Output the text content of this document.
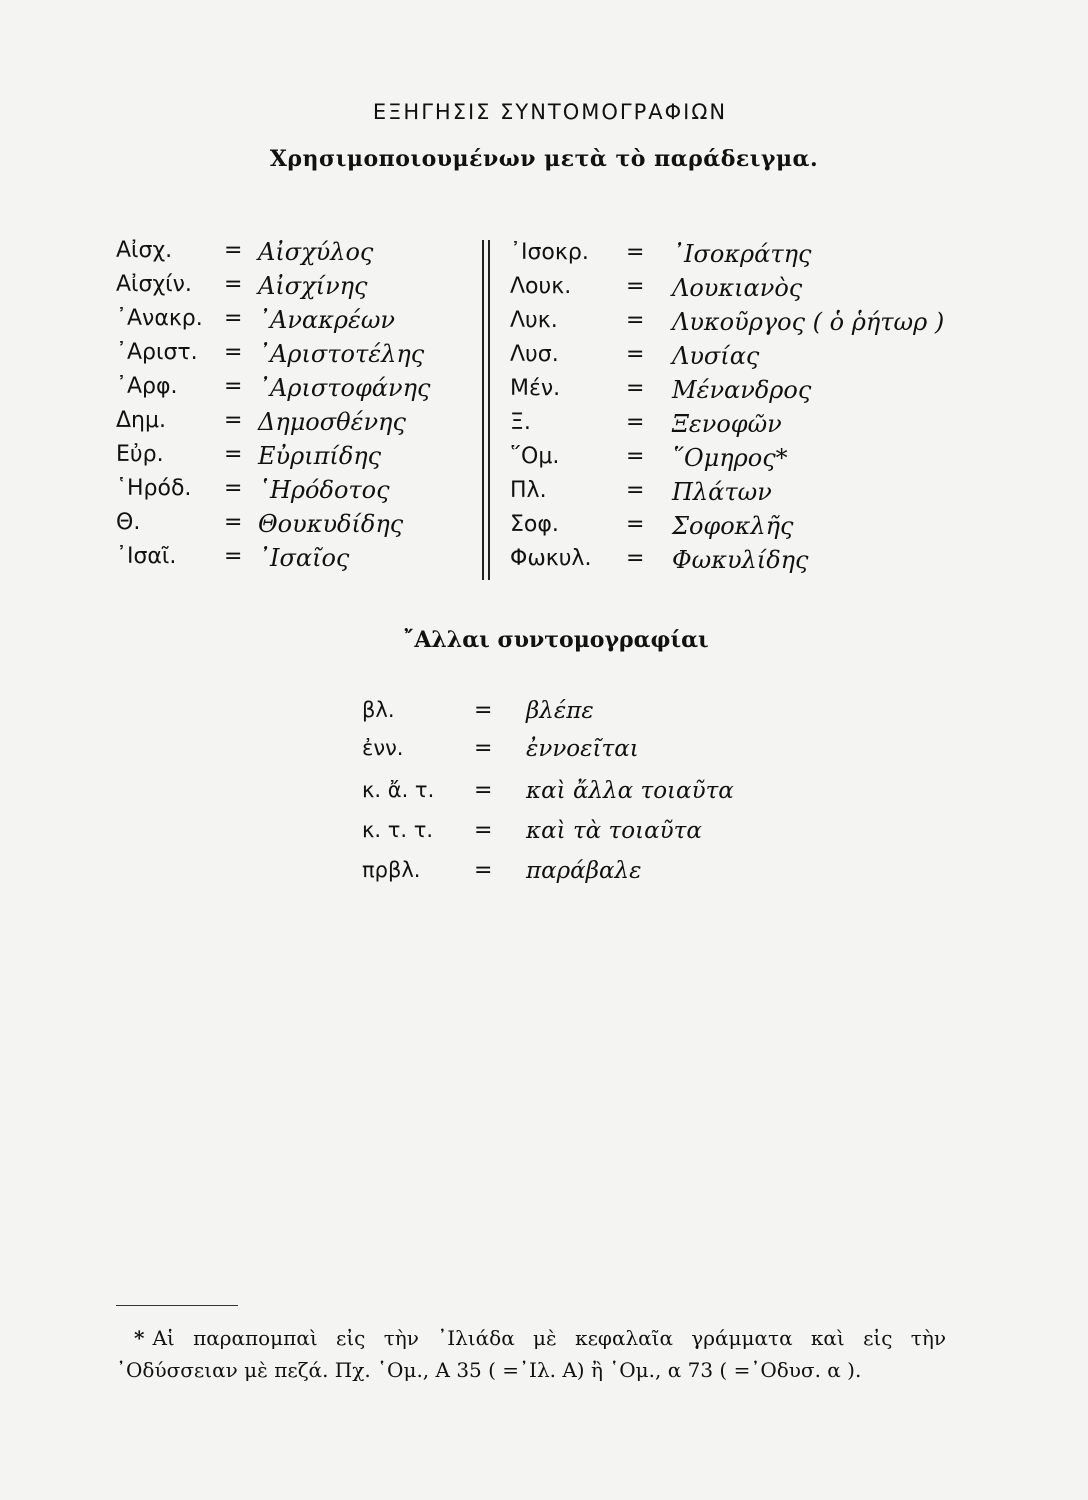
ΕΞΗΓΗΣΙΣ ΣΥΝΤΟΜΟΓΡΑΦΙΩΝ
Χρησιμοποιουμένων μετὰ τὸ παράδειγμα.
Αἰσχ. = Αἰσχύλος
Αἰσχίν. = Αἰσχίνης
᾿Ανακρ. = ᾿Ανακρέων
᾿Αριστ. = ᾿Αριστοτέλης
᾿Αρφ. = ᾿Αριστοφάνης
Δημ.	= Δημοσθένης
Εὐρ.	= Εὐριπίδης
῾Ηρόδ. = ῾Ηρόδοτος
Θ.	= Θουκυδίδης
᾿Ισαῖ. = ᾿Ισαῖος
᾿Ισοκρ. = ᾿Ισοκράτης
Λουκ. = Λουκιανὸς
Λυκ.	= Λυκοῦργος ( ὁ ῥήτωρ )
Λυσ.	= Λυσίας
Μέν.	= Μένανδρος
Ξ.	= Ξενοφῶν
῞Ομ.	= ῞Ομηρος*
Πλ.	= Πλάτων
Σοφ.	= Σοφοκλῆς
Φωκυλ. = Φωκυλίδης
῎Αλλαι συντομογραφίαι
βλ.	= βλέπε
ἐνν.	= ἐννοεῖται
κ. ἄ. τ. = καὶ ἄλλα τοιαῦτα
κ. τ. τ. = καὶ τὰ τοιαῦτα
πρβλ. = παράβαλε
* Αἱ παραπομπαὶ εἰς τὴν ᾿Ιλιάδα μὲ κεφαλαῖα γράμματα καὶ εἰς τὴν ᾿Οδύσσειαν μὲ πεζά. Πχ. ῾Ομ., Α 35 ( =᾿Ιλ. Α) ἢ ῾Ομ., α 73 ( =᾿Οδυσ. α ).
